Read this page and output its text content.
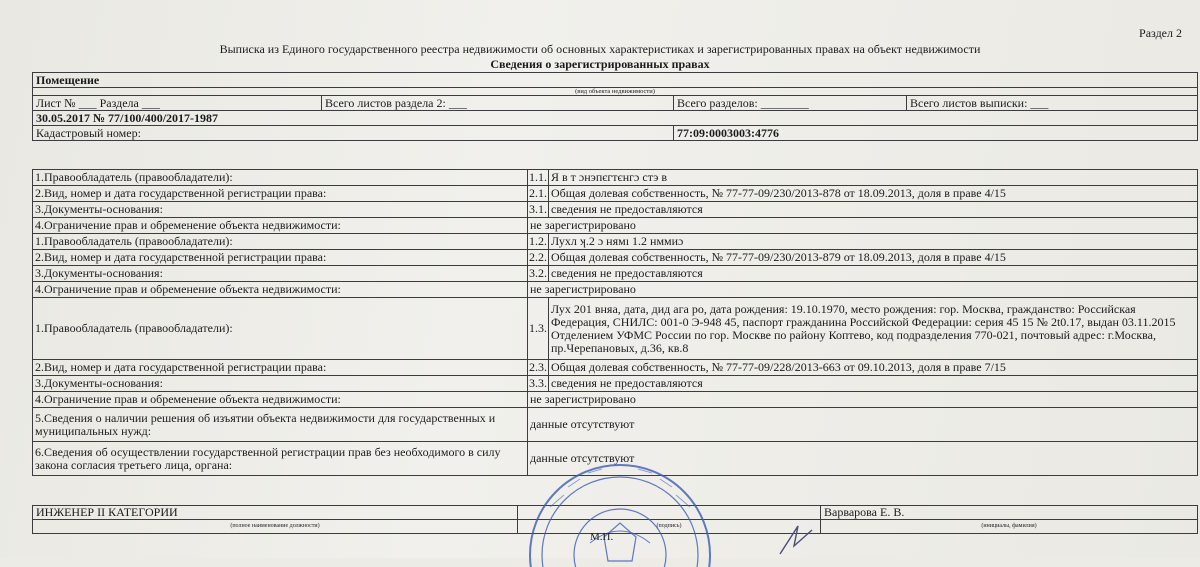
Раздел 2
Выписка из Единого государственного реестра недвижимости об основных характеристиках и зарегистрированных правах на объект недвижимости
Сведения о зарегистрированных правах
Помещение			
(вид объекта недвижимости)			
Лист № ___ Раздела ___	Всего листов раздела 2: ___	Всего разделов: ________	Всего листов выписки: ___
30.05.2017 № 77/100/400/2017-1987			
Кадастровый номер:		77:09:0003003:4776	
1.Правообладатель (правообладатели):	1.1.	Я в т ɔнэпєгтєнгɔ стэ в
2.Вид, номер и дата государственной регистрации права:	2.1.	Общая долевая собственность, № 77-77-09/230/2013-878 от 18.09.2013, доля в праве 4/15
3.Документы-основания:	3.1.	сведения не предоставляются
4.Ограничение прав и обременение объекта недвижимости:	не зарегистрировано	
1.Правообладатель (правообладатели):	1.2.	Лухл ʞ.2 ɔ нямı 1.2 нммиɔ
2.Вид, номер и дата государственной регистрации права:	2.2.	Общая долевая собственность, № 77-77-09/230/2013-879 от 18.09.2013, доля в праве 4/15
3.Документы-основания:	3.2.	сведения не предоставляются
4.Ограничение прав и обременение объекта недвижимости:	не зарегистрировано	
1.Правообладатель (правообладатели):	1.3.	Лух 201 вняа, дата, дид ага ро, дата рождения: 19.10.1970, место рождения: гор. Москва, гражданство: Российская Федерация, СНИЛС: 001-0 Э-948 45, паспорт гражданина Российской Федерации: серия 45 15 № 2t0.17, выдан 03.11.2015 Отделением УФМС России по гор. Москве по району Коптево, код подразделения 770-021, почтовый адрес: г.Москва, пр.Черепановых, д.36, кв.8
2.Вид, номер и дата государственной регистрации права:	2.3.	Общая долевая собственность, № 77-77-09/228/2013-663 от 09.10.2013, доля в праве 7/15
3.Документы-основания:	3.3.	сведения не предоставляются
4.Ограничение прав и обременение объекта недвижимости:	не зарегистрировано	
5.Сведения о наличии решения об изъятии объекта недвижимости для государственных и муниципальных нужд:	данные отсутствуют	
6.Сведения об осуществлении государственной регистрации прав без необходимого в силу закона согласия третьего лица, органа:	данные отсутствуют	
ИНЖЕНЕР II КАТЕГОРИИ		Варварова Е. В.
(полное наименование должности)	(подпись)	(инициалы, фамилия)
М.П.
